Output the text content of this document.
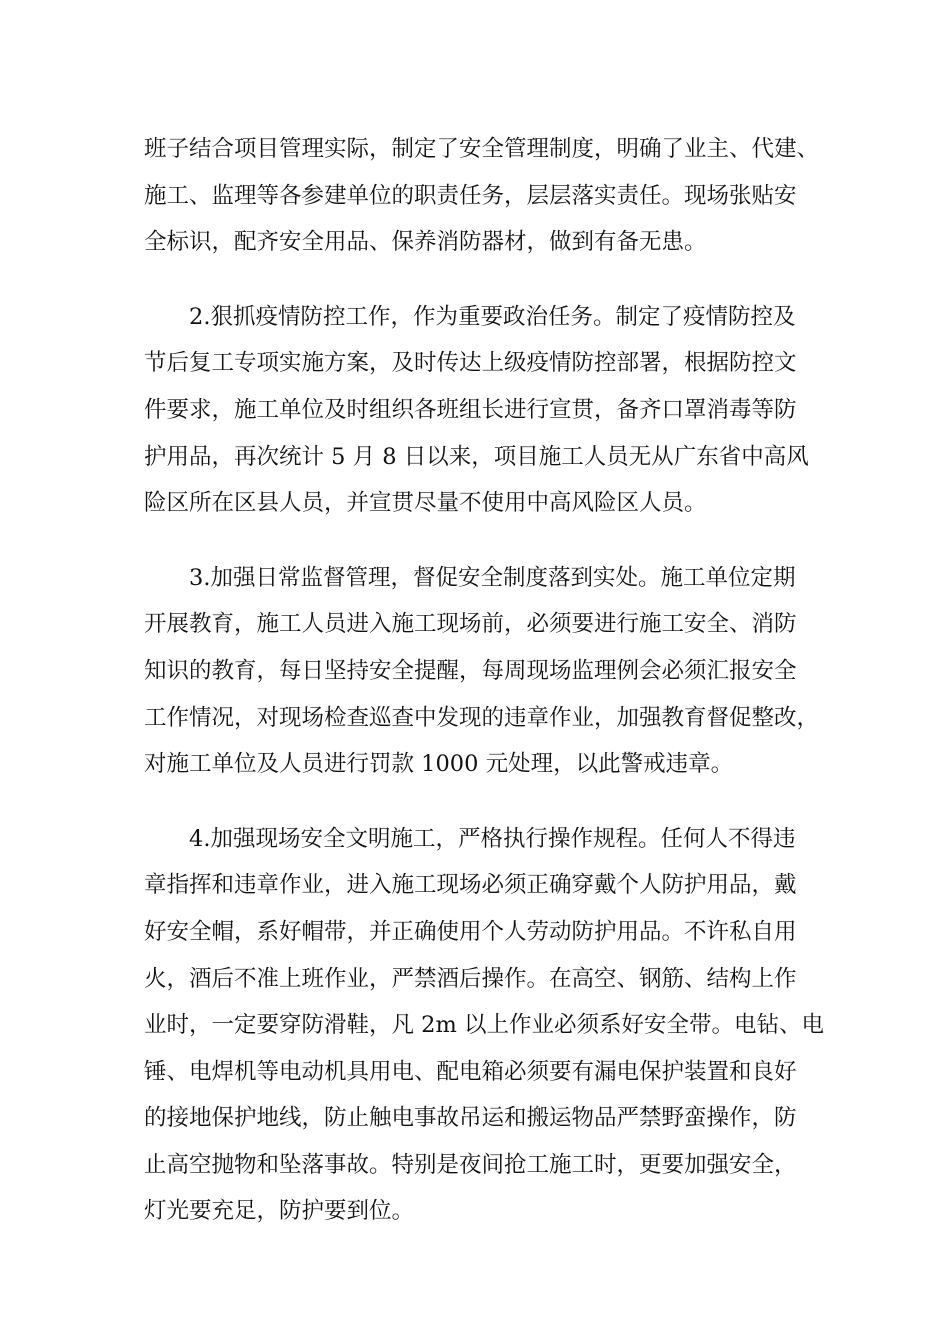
班子结合项目管理实际，制定了安全管理制度，明确了业主、代建、
施工、监理等各参建单位的职责任务，层层落实责任。现场张贴安
全标识，配齐安全用品、保养消防器材，做到有备无患。
2.狠抓疫情防控工作，作为重要政治任务。制定了疫情防控及
节后复工专项实施方案，及时传达上级疫情防控部署，根据防控文
件要求，施工单位及时组织各班组长进行宣贯，备齐口罩消毒等防
护用品，再次统计 5 月 8 日以来，项目施工人员无从广东省中高风
险区所在区县人员，并宣贯尽量不使用中高风险区人员。
3.加强日常监督管理，督促安全制度落到实处。施工单位定期
开展教育，施工人员进入施工现场前，必须要进行施工安全、消防
知识的教育，每日坚持安全提醒，每周现场监理例会必须汇报安全
工作情况，对现场检查巡查中发现的违章作业，加强教育督促整改，
对施工单位及人员进行罚款 1000 元处理，以此警戒违章。
4.加强现场安全文明施工，严格执行操作规程。任何人不得违
章指挥和违章作业，进入施工现场必须正确穿戴个人防护用品，戴
好安全帽，系好帽带，并正确使用个人劳动防护用品。不许私自用
火，酒后不准上班作业，严禁酒后操作。在高空、钢筋、结构上作
业时，一定要穿防滑鞋，凡 2m 以上作业必须系好安全带。电钻、电
锤、电焊机等电动机具用电、配电箱必须要有漏电保护装置和良好
的接地保护地线，防止触电事故吊运和搬运物品严禁野蛮操作，防
止高空抛物和坠落事故。特别是夜间抢工施工时，更要加强安全，
灯光要充足，防护要到位。
